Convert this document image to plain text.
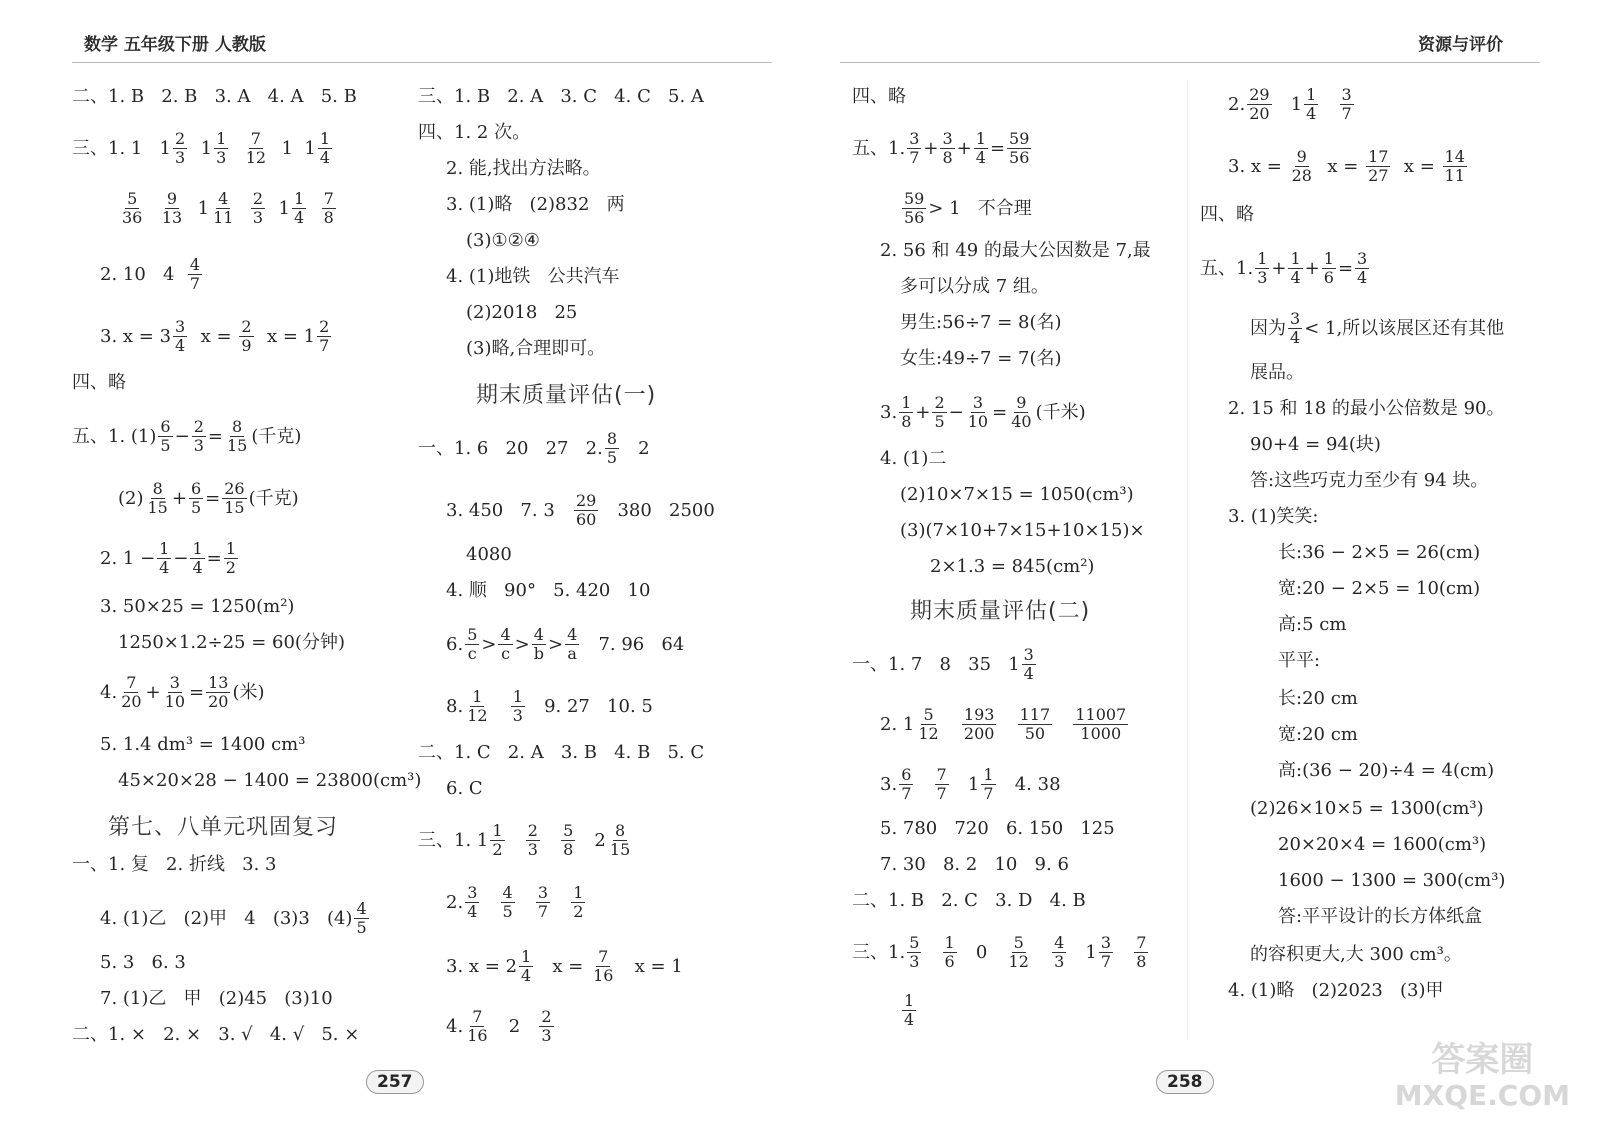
数学 五年级下册 人教版	资源与评价
二、1. B   2. B   3. A   4. A   5. B
三、1. 1   $1 \frac{2}{3} 1 \frac{1}{3}$
$\frac{7}{12}$
1 $1 \frac{1}{4}$
$\frac{5}{36}$
$\frac{9}{13}$
$1 \frac{4}{11}$
$\frac{2}{3}$
$1 \frac{1}{4}$
$\frac{7}{8}$
2. 10   4
$\frac{4}{7}$
3. $x = 3 \frac{3}{4}$ $x = \frac{2}{9}$ $x = 1 \frac{2}{7}$
四、略
五、1. $(1) \frac{6}{5} - \frac{2}{3} = \frac{8}{15}$ (千克)
$(2) \frac{8}{15} + \frac{6}{5} = \frac{26}{15}$ (千克)
2. $1 - \frac{1}{4} - \frac{1}{4} = \frac{1}{2}$
3. 50×25 = 1250(m²)
1250×1.2÷25 = 60(分钟)
4. $\frac{7}{20} + \frac{3}{10} = \frac{13}{20}$ (米)
5. 1.4 dm³ = 1400 cm³
45×20×28 − 1400 = 23800(cm³)
第七、八单元巩固复习
一、1. 复   2. 折线   3. 3
4. (1)乙   (2)甲   4   (3)3   $(4) \frac{4}{5}$
5. 3   6. 3
7. (1)乙   甲   (2)45   (3)10
二、1. ×   2. ×   3. √   4. √   5. ×
三、1. B   2. A   3. C   4. C   5. A
四、1. 2 次。
2. 能,找出方法略。
3. (1)略   (2)832   两
(3)①②④
4. (1)地铁   公共汽车
(2)2018   25
(3)略,合理即可。
期末质量评估(一)
一、1. 6   20   27   2. $\frac{8}{5} 2$
3. 450   7. 3
$\frac{29}{60}$
380   2500
4080
4. 顺   90°   5. 420   10
6. $\frac{5}{c} > \frac{4}{c} > \frac{4}{b} > \frac{4}{a}$
7. 96   64
8. $\frac{1}{12}$
$\frac{1}{3}$
9. 27   10. 5
二、1. C   2. A   3. B   4. B   5. C
6. C
三、1. $1 \frac{1}{2}$
$\frac{2}{3}$
$\frac{5}{8} 2 \frac{8}{15}$
2. $\frac{3}{4}$
$\frac{4}{5}$
$\frac{3}{7}$
$\frac{1}{2}$
3. $x = 2 \frac{1}{4}$
$x = \frac{7}{16}$
x = 1
4. $\frac{7}{16} 2 \frac{2}{3}$
四、略
五、1. $\frac{3}{7} + \frac{3}{8} + \frac{1}{4} = \frac{59}{56}$
$\frac{59}{56} > 1$   不合理
2. 56 和 49 的最大公因数是 7,最
多可以分成 7 组。
男生:56÷7 = 8(名)
女生:49÷7 = 7(名)
3. $\frac{1}{8} + \frac{2}{5} - \frac{3}{10} = \frac{9}{40}$ (千米)
4. (1)二
(2)10×7×15 = 1050(cm³)
(3)(7×10+7×15+10×15)×
2×1.3 = 845(cm²)
期末质量评估(二)
一、1. 7   8   35   $1 \frac{3}{4}$
2. $1 \frac{5}{12}$
$\frac{193}{200}$
$\frac{117}{50}$
$\frac{11007}{1000}$
3. $\frac{6}{7}$
$\frac{7}{7} 1 \frac{1}{7}$
4. 38
5. 780   720   6. 150   125
7. 30   8. 2   10   9. 6
二、1. B   2. C   3. D   4. B
三、1. $\frac{5}{3}$
$\frac{1}{6}$
0
$\frac{5}{12}$
$\frac{4}{3} 1 \frac{3}{7}$
$\frac{7}{8}$
$\frac{1}{4}$
2. $\frac{29}{20}$
$1 \frac{1}{4}$
$\frac{3}{7}$
3. $x = \frac{9}{28}$ $x = \frac{17}{27}$ $x = \frac{14}{11}$
四、略
五、1. $\frac{1}{3} + \frac{1}{4} + \frac{1}{6} = \frac{3}{4}$
因为 $\frac{3}{4} < 1$,所以该展区还有其他
展品。
2. 15 和 18 的最小公倍数是 90。
90+4 = 94(块)
答:这些巧克力至少有 94 块。
3. (1)笑笑:
长:36 − 2×5 = 26(cm)
宽:20 − 2×5 = 10(cm)
高:5 cm
平平:
长:20 cm
宽:20 cm
高:(36 − 20)÷4 = 4(cm)
(2)26×10×5 = 1300(cm³)
20×20×4 = 1600(cm³)
1600 − 1300 = 300(cm³)
答:平平设计的长方体纸盒
的容积更大,大 300 cm³。
4. (1)略   (2)2023   (3)甲
257	258
答案圈
MXQE.COM
